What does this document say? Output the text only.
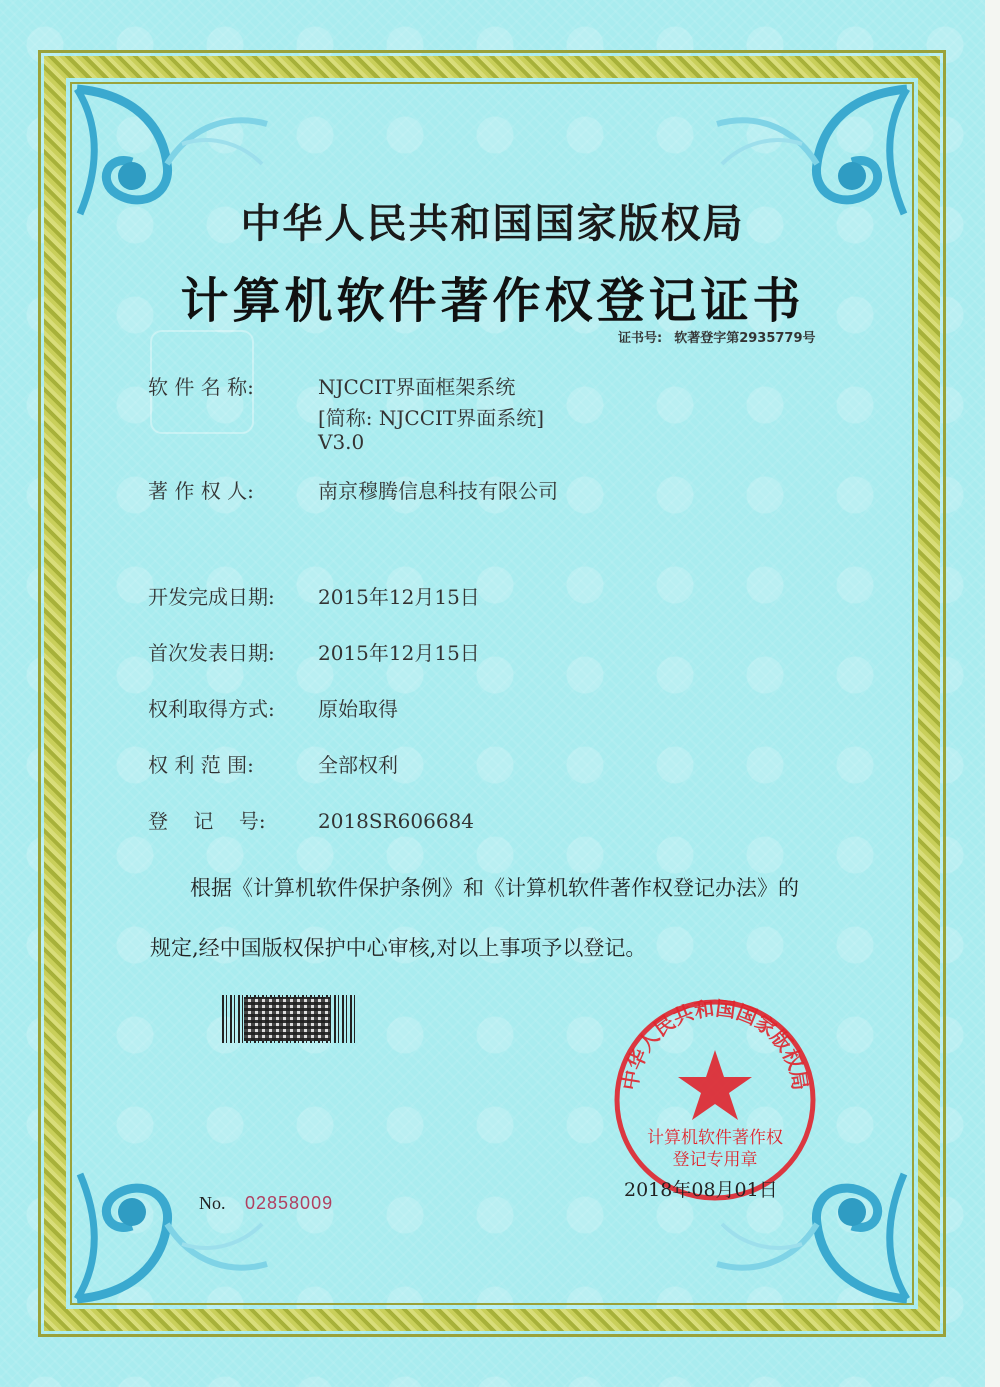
中华人民共和国国家版权局
计算机软件著作权登记证书
证书号: 软著登字第2935779号
软 件 名 称:	NJCCIT界面框架系统
[简称: NJCCIT界面系统]
V3.0
著 作 权 人:	南京穆腾信息科技有限公司
开发完成日期: 2015年12月15日
首次发表日期: 2015年12月15日
权利取得方式: 原始取得
权 利 范 围:	全部权利
登    记    号:	2018SR606684
根据《计算机软件保护条例》和《计算机软件著作权登记办法》的
规定,经中国版权保护中心审核,对以上事项予以登记。
中华人民共和国国家版权局
计算机软件著作权
登记专用章
2018年08月01日
No. 02858009
